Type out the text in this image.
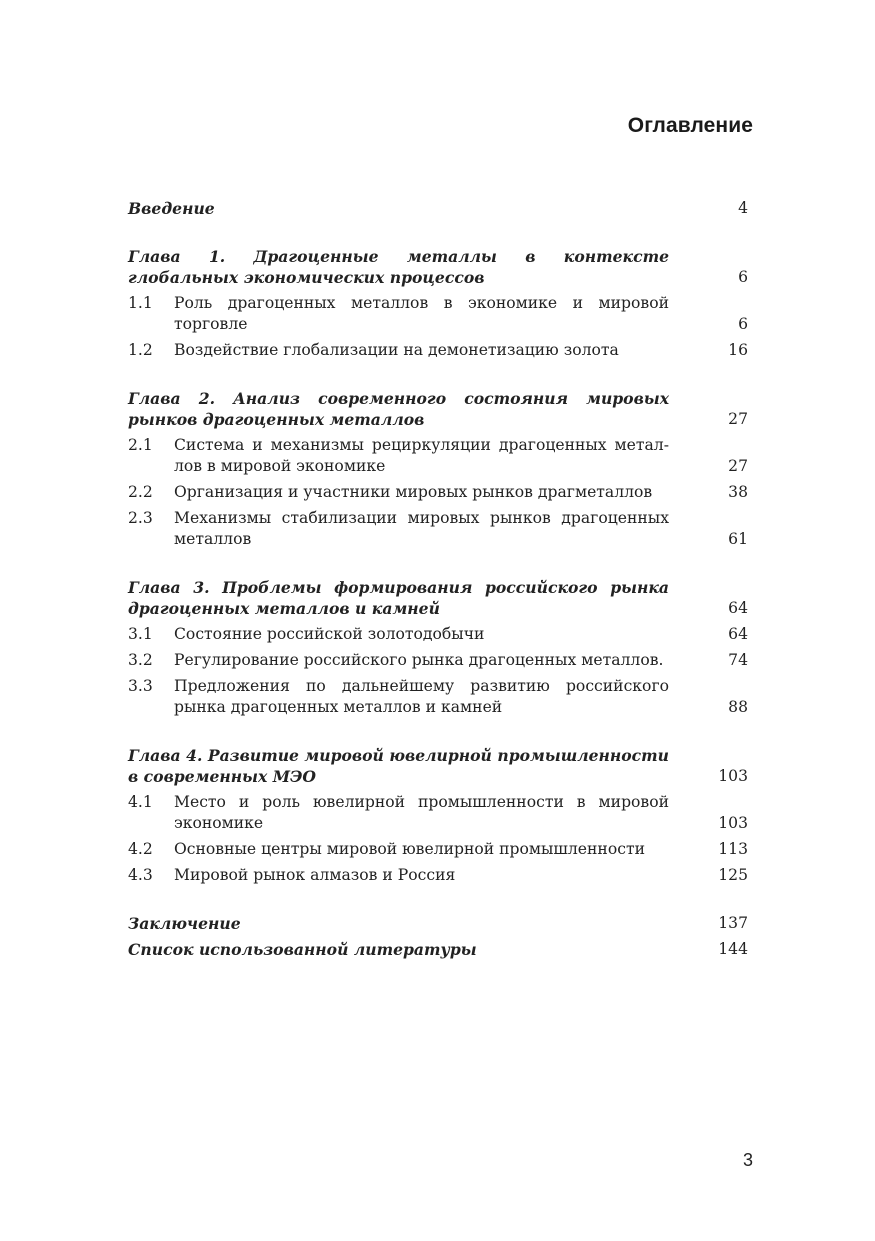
Оглавление
Введение	4
Глава 1. Драгоценные металлы в контексте глобальных экономических процессов	6
1.1	Роль драгоценных металлов в экономике и мировой торговле	6
1.2	Воздействие глобализации на демонетизацию золота	16
Глава 2. Анализ современного состояния мировых рынков драгоценных металлов	27
2.1	Система и механизмы рециркуляции драгоценных металлов в мировой экономике	27
2.2	Организация и участники мировых рынков драгметаллов	38
2.3	Механизмы стабилизации мировых рынков драгоценных металлов	61
Глава 3. Проблемы формирования российского рынка драгоценных металлов и камней	64
3.1	Состояние российской золотодобычи	64
3.2	Регулирование российского рынка драгоценных металлов.	74
3.3	Предложения по дальнейшему развитию российского рынка драгоценных металлов и камней	88
Глава 4. Развитие мировой ювелирной промышленности в современных МЭО	103
4.1	Место и роль ювелирной промышленности в мировой экономике	103
4.2	Основные центры мировой ювелирной промышленности	113
4.3	Мировой рынок алмазов и Россия	125
Заключение	137
Список использованной литературы	144
3
